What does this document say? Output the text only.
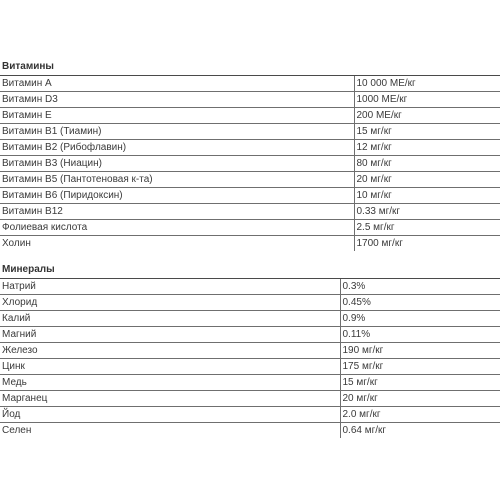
Витамины
Витамин A	10 000 МЕ/кг
Витамин D3	1000 МЕ/кг
Витамин E	200 МЕ/кг
Витамин B1 (Тиамин)	15 мг/кг
Витамин B2 (Рибофлавин)	12 мг/кг
Витамин B3 (Ниацин)	80 мг/кг
Витамин B5 (Пантотеновая к-та)	20 мг/кг
Витамин B6 (Пиридоксин)	10 мг/кг
Витамин B12	0.33 мг/кг
Фолиевая кислота	2.5 мг/кг
Холин	1700 мг/кг
Минералы
Натрий	0.3%
Хлорид	0.45%
Калий	0.9%
Магний	0.11%
Железо	190 мг/кг
Цинк	175 мг/кг
Медь	15 мг/кг
Марганец	20 мг/кг
Йод	2.0 мг/кг
Селен	0.64 мг/кг
